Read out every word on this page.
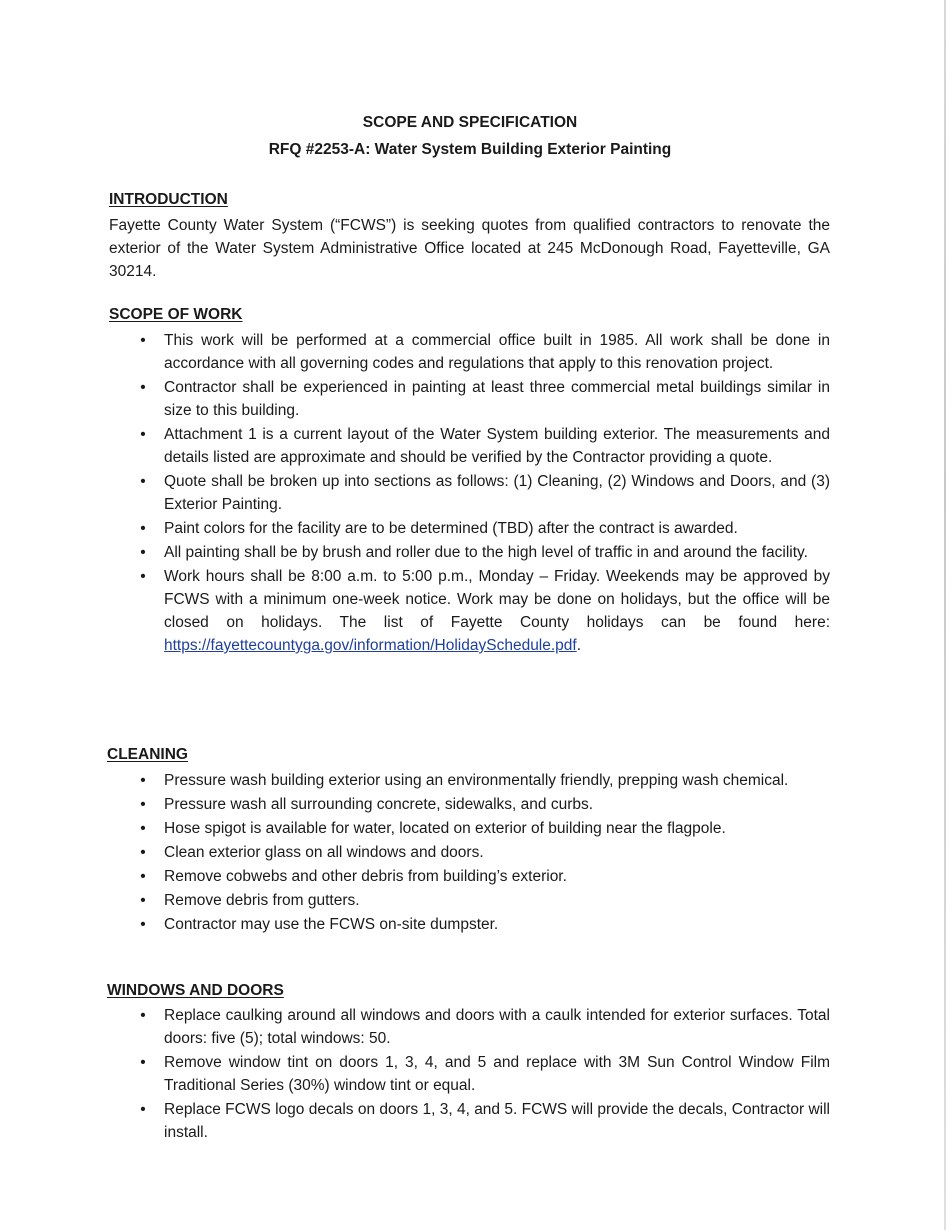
SCOPE AND SPECIFICATION
RFQ #2253-A: Water System Building Exterior Painting
INTRODUCTION
Fayette County Water System (“FCWS”) is seeking quotes from qualified contractors to renovate the exterior of the Water System Administrative Office located at 245 McDonough Road, Fayetteville, GA 30214.
SCOPE OF WORK
• This work will be performed at a commercial office built in 1985. All work shall be done in accordance with all governing codes and regulations that apply to this renovation project.
• Contractor shall be experienced in painting at least three commercial metal buildings similar in size to this building.
• Attachment 1 is a current layout of the Water System building exterior. The measurements and details listed are approximate and should be verified by the Contractor providing a quote.
• Quote shall be broken up into sections as follows: (1) Cleaning, (2) Windows and Doors, and (3) Exterior Painting.
• Paint colors for the facility are to be determined (TBD) after the contract is awarded.
• All painting shall be by brush and roller due to the high level of traffic in and around the facility.
• Work hours shall be 8:00 a.m. to 5:00 p.m., Monday – Friday. Weekends may be approved by FCWS with a minimum one-week notice. Work may be done on holidays, but the office will be closed on holidays. The list of Fayette County holidays can be found here: https://fayettecountyga.gov/information/HolidaySchedule.pdf.
CLEANING
• Pressure wash building exterior using an environmentally friendly, prepping wash chemical.
• Pressure wash all surrounding concrete, sidewalks, and curbs.
• Hose spigot is available for water, located on exterior of building near the flagpole.
• Clean exterior glass on all windows and doors.
• Remove cobwebs and other debris from building’s exterior.
• Remove debris from gutters.
• Contractor may use the FCWS on-site dumpster.
WINDOWS AND DOORS
• Replace caulking around all windows and doors with a caulk intended for exterior surfaces. Total doors: five (5); total windows: 50.
• Remove window tint on doors 1, 3, 4, and 5 and replace with 3M Sun Control Window Film Traditional Series (30%) window tint or equal.
• Replace FCWS logo decals on doors 1, 3, 4, and 5. FCWS will provide the decals, Contractor will install.
